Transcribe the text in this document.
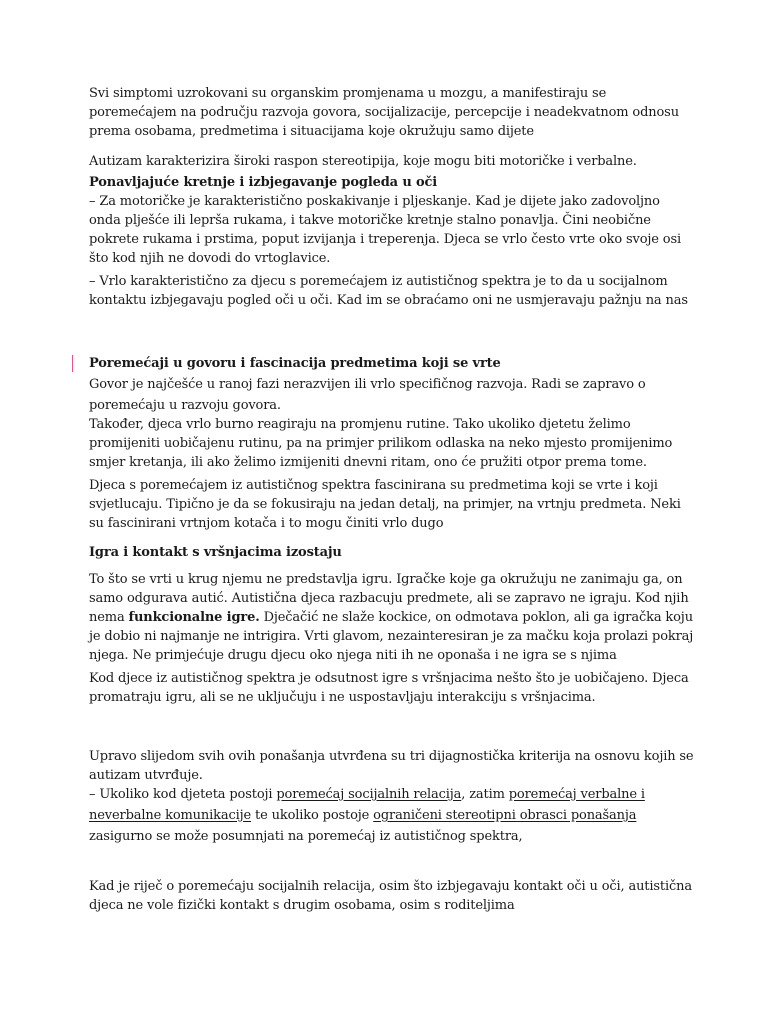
Svi simptomi uzrokovani su organskim promjenama u mozgu, a manifestiraju se
poremećajem na području razvoja govora, socijalizacije, percepcije i neadekvatnom odnosu
prema osobama, predmetima i situacijama koje okružuju samo dijete
Autizam karakterizira široki raspon stereotipija, koje mogu biti motoričke i verbalne.
Ponavljajuće kretnje i izbjegavanje pogleda u oči
– Za motoričke je karakteristično poskakivanje i pljeskanje. Kad je dijete jako zadovoljno
onda plješće ili lepršа rukama, i takve motoričke kretnje stalno ponavlja. Čini neobične
pokrete rukama i prstima, poput izvijanja i treperenja. Djeca se vrlo često vrte oko svoje osi
što kod njih ne dovodi do vrtoglavice.
– Vrlo karakteristično za djecu s poremećajem iz autističnog spektra je to da u socijalnom
kontaktu izbjegavaju pogled oči u oči. Kad im se obraćamo oni ne usmjeravaju pažnju na nas
Poremećaji u govoru i fascinacija predmetima koji se vrte
Govor je najčešće u ranoj fazi nerazvijen ili vrlo specifičnog razvoja. Radi se zapravo o
poremećaju u razvoju govora.
Također, djeca vrlo burno reagiraju na promjenu rutine. Tako ukoliko djetetu želimo
promijeniti uobičajenu rutinu, pa na primjer prilikom odlaska na neko mjesto promijenimo
smjer kretanja, ili ako želimo izmijeniti dnevni ritam, ono će pružiti otpor prema tome.
Djeca s poremećajem iz autističnog spektra fascinirana su predmetima koji se vrte i koji
svjetlucaju. Tipično je da se fokusiraju na jedan detalj, na primjer, na vrtnju predmeta. Neki
su fascinirani vrtnjom kotača i to mogu činiti vrlo dugo
Igra i kontakt s vršnjacima izostaju
To što se vrti u krug njemu ne predstavlja igru. Igračke koje ga okružuju ne zanimaju ga, on
samo odgurava autić. Autistična djeca razbacuju predmete, ali se zapravo ne igraju. Kod njih
nema funkcionalne igre. Dječačić ne slaže kockice, on odmotava poklon, ali ga igračka koju
je dobio ni najmanje ne intrigira. Vrti glavom, nezainteresiran je za mačku koja prolazi pokraj
njega. Ne primjećuje drugu djecu oko njega niti ih ne oponaša i ne igra se s njima
Kod djece iz autističnog spektra je odsutnost igre s vršnjacima nešto što je uobičajeno. Djeca
promatraju igru, ali se ne uključuju i ne uspostavljaju interakciju s vršnjacima.
Upravo slijedom svih ovih ponašanja utvrđena su tri dijagnostička kriterija na osnovu kojih se
autizam utvrđuje.
– Ukoliko kod djeteta postoji poremećaj socijalnih relacija, zatim poremećaj verbalne i
neverbalne komunikacije te ukoliko postoje ograničeni stereotipni obrasci ponašanja
zasigurno se može posumnjati na poremećaj iz autističnog spektra,
Kad je riječ o poremećaju socijalnih relacija, osim što izbjegavaju kontakt oči u oči, autistična
djeca ne vole fizički kontakt s drugim osobama, osim s roditeljima
